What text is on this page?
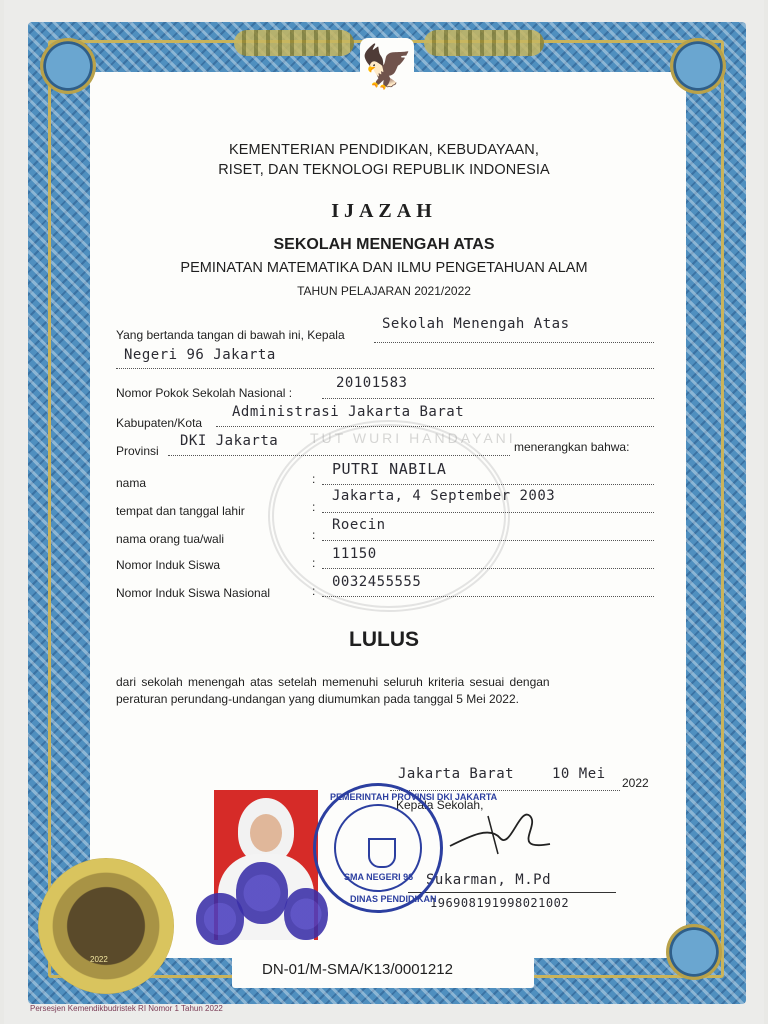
🦅
TUT WURI HANDAYANI
KEMENTERIAN PENDIDIKAN, KEBUDAYAAN,
RISET, DAN TEKNOLOGI REPUBLIK INDONESIA
IJAZAH
SEKOLAH MENENGAH ATAS
PEMINATAN MATEMATIKA DAN ILMU PENGETAHUAN ALAM
TAHUN PELAJARAN 2021/2022
Yang bertanda tangan di bawah ini, Kepala
Sekolah Menengah Atas
Negeri 96 Jakarta
Nomor Pokok Sekolah Nasional :
20101583
Kabupaten/Kota
Administrasi Jakarta Barat
Provinsi
DKI Jakarta	menerangkan bahwa:
nama	:
PUTRI NABILA
tempat dan tanggal lahir	:
Jakarta, 4 September 2003
nama orang tua/wali	:
Roecin
Nomor Induk Siswa	:
11150
Nomor Induk Siswa Nasional	:
0032455555
LULUS
dari sekolah menengah atas setelah memenuhi seluruh kriteria sesuai dengan
peraturan perundang-undangan yang diumumkan pada tanggal 5 Mei 2022.
Jakarta Barat	10 Mei
2022
Kepala Sekolah,
Sukarman, M.Pd
196908191998021002
PEMERINTAH PROVINSI DKI JAKARTA
SMA NEGERI 96
DINAS PENDIDIKAN
2022
DN-01/M-SMA/K13/0001212
Persesjen Kemendikbudristek RI Nomor 1 Tahun 2022
